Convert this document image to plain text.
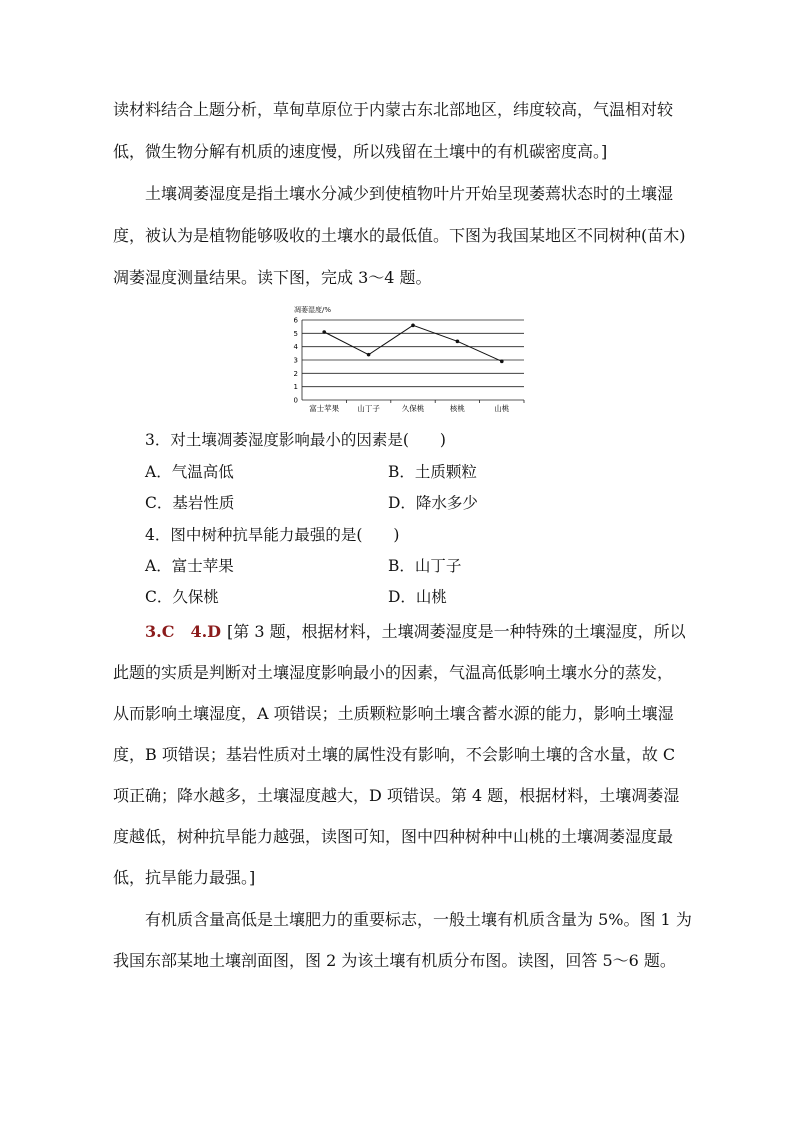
读材料结合上题分析，草甸草原位于内蒙古东北部地区，纬度较高，气温相对较
低，微生物分解有机质的速度慢，所以残留在土壤中的有机碳密度高。]
土壤凋萎湿度是指土壤水分减少到使植物叶片开始呈现萎蔫状态时的土壤湿
度，被认为是植物能够吸收的土壤水的最低值。下图为我国某地区不同树种(苗木)
凋萎湿度测量结果。读下图，完成 3～4 题。
凋萎湿度/%
0
1
2
3
4
5
6
富士苹果 山丁子	久保桃	核桃	山桃
3．对土壤凋萎湿度影响最小的因素是(　　)
A．气温高低	B．土质颗粒
C．基岩性质	D．降水多少
4．图中树种抗旱能力最强的是(　　)
A．富士苹果	B．山丁子
C．久保桃	D．山桃
3.C　4.D [第 3 题，根据材料，土壤凋萎湿度是一种特殊的土壤湿度，所以
此题的实质是判断对土壤湿度影响最小的因素，气温高低影响土壤水分的蒸发，
从而影响土壤湿度，A 项错误；土质颗粒影响土壤含蓄水源的能力，影响土壤湿
度，B 项错误；基岩性质对土壤的属性没有影响，不会影响土壤的含水量，故 C
项正确；降水越多，土壤湿度越大，D 项错误。第 4 题，根据材料，土壤凋萎湿
度越低，树种抗旱能力越强，读图可知，图中四种树种中山桃的土壤凋萎湿度最
低，抗旱能力最强。]
有机质含量高低是土壤肥力的重要标志，一般土壤有机质含量为 5%。图 1 为
我国东部某地土壤剖面图，图 2 为该土壤有机质分布图。读图，回答 5～6 题。
